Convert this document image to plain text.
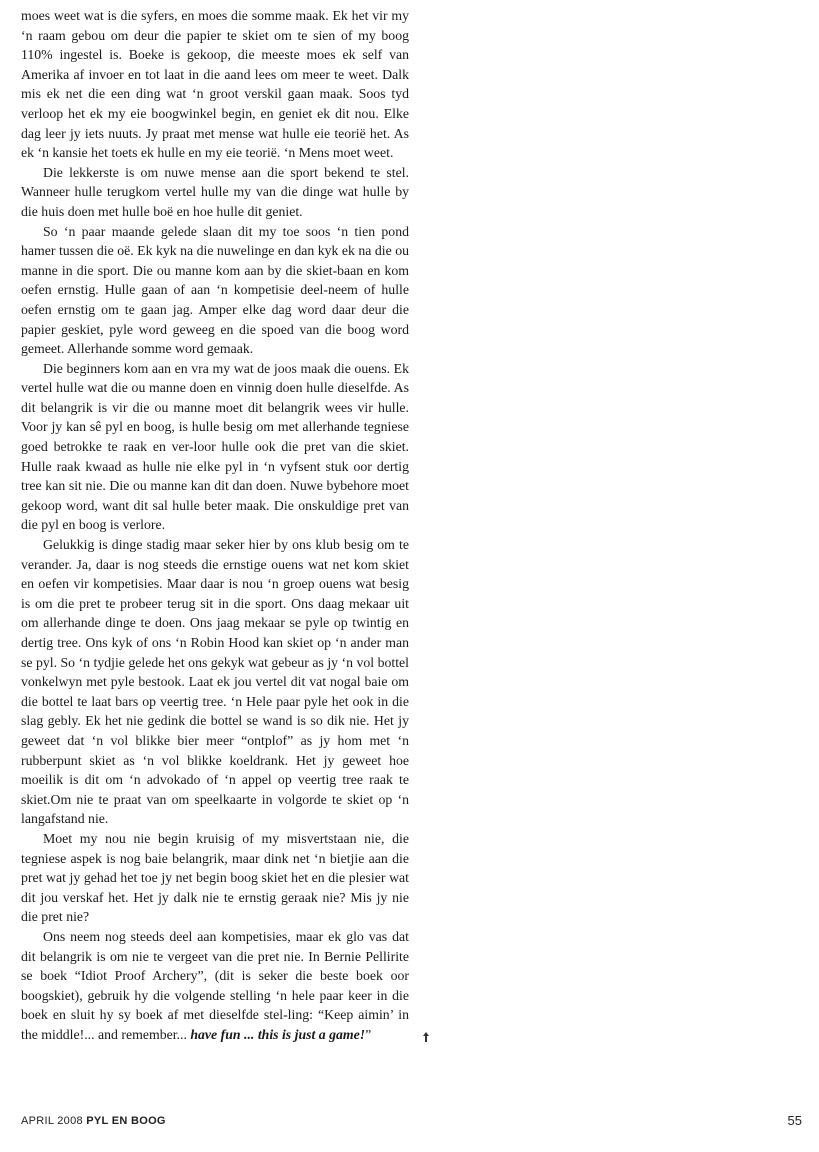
moes weet wat is die syfers, en moes die somme maak. Ek het vir my ‘n raam gebou om deur die papier te skiet om te sien of my boog 110% ingestel is. Boeke is gekoop, die meeste moes ek self van Amerika af invoer en tot laat in die aand lees om meer te weet. Dalk mis ek net die een ding wat ‘n groot verskil gaan maak. Soos tyd verloop het ek my eie boogwinkel begin, en geniet ek dit nou. Elke dag leer jy iets nuuts. Jy praat met mense wat hulle eie teorië het. As ek ‘n kansie het toets ek hulle en my eie teorië. ‘n Mens moet weet.

Die lekkerste is om nuwe mense aan die sport bekend te stel. Wanneer hulle terugkom vertel hulle my van die dinge wat hulle by die huis doen met hulle boë en hoe hulle dit geniet.

So ‘n paar maande gelede slaan dit my toe soos ‘n tien pond hamer tussen die oë. Ek kyk na die nuwelinge en dan kyk ek na die ou manne in die sport. Die ou manne kom aan by die skiet-baan en kom oefen ernstig. Hulle gaan of aan ‘n kompetisie deel-neem of hulle oefen ernstig om te gaan jag. Amper elke dag word daar deur die papier geskiet, pyle word geweeg en die spoed van die boog word gemeet. Allerhande somme word gemaak.

Die beginners kom aan en vra my wat de joos maak die ouens. Ek vertel hulle wat die ou manne doen en vinnig doen hulle dieselfde. As dit belangrik is vir die ou manne moet dit belangrik wees vir hulle. Voor jy kan sê pyl en boog, is hulle besig om met allerhande tegniese goed betrokke te raak en ver-loor hulle ook die pret van die skiet. Hulle raak kwaad as hulle nie elke pyl in ‘n vyfsent stuk oor dertig tree kan sit nie. Die ou manne kan dit dan doen. Nuwe bybehore moet gekoop word, want dit sal hulle beter maak. Die onskuldige pret van die pyl en boog is verlore.

Gelukkig is dinge stadig maar seker hier by ons klub besig om te verander. Ja, daar is nog steeds die ernstige ouens wat net kom skiet en oefen vir kompetisies. Maar daar is nou ‘n groep ouens wat besig is om die pret te probeer terug sit in die sport. Ons daag mekaar uit om allerhande dinge te doen. Ons jaag mekaar se pyle op twintig en dertig tree. Ons kyk of ons ‘n Robin Hood kan skiet op ‘n ander man se pyl. So ‘n tydjie gelede het ons gekyk wat gebeur as jy ‘n vol bottel vonkelwyn met pyle bestook. Laat ek jou vertel dit vat nogal baie om die bottel te laat bars op veertig tree. ‘n Hele paar pyle het ook in die slag gebly. Ek het nie gedink die bottel se wand is so dik nie. Het jy geweet dat ‘n vol blikke bier meer “ontplof” as jy hom met ‘n rubberpunt skiet as ‘n vol blikke koeldrank. Het jy geweet hoe moeilik is dit om ‘n advokado of ‘n appel op veertig tree raak te skiet.Om nie te praat van om speelkaarte in volgorde te skiet op ‘n langafstand nie.

Moet my nou nie begin kruisig of my misvertstaan nie, die tegniese aspek is nog baie belangrik, maar dink net ‘n bietjie aan die pret wat jy gehad het toe jy net begin boog skiet het en die plesier wat dit jou verskaf het. Het jy dalk nie te ernstig geraak nie? Mis jy nie die pret nie?

Ons neem nog steeds deel aan kompetisies, maar ek glo vas dat dit belangrik is om nie te vergeet van die pret nie. In Bernie Pellirite se boek “Idiot Proof Archery”, (dit is seker die beste boek oor boogskiet), gebruik hy die volgende stelling ‘n hele paar keer in die boek en sluit hy sy boek af met dieselfde stel-ling: “Keep aimin’ in the middle!... and remember... have fun ... this is just a game!”

APRIL 2008 PYL EN BOOG	55
